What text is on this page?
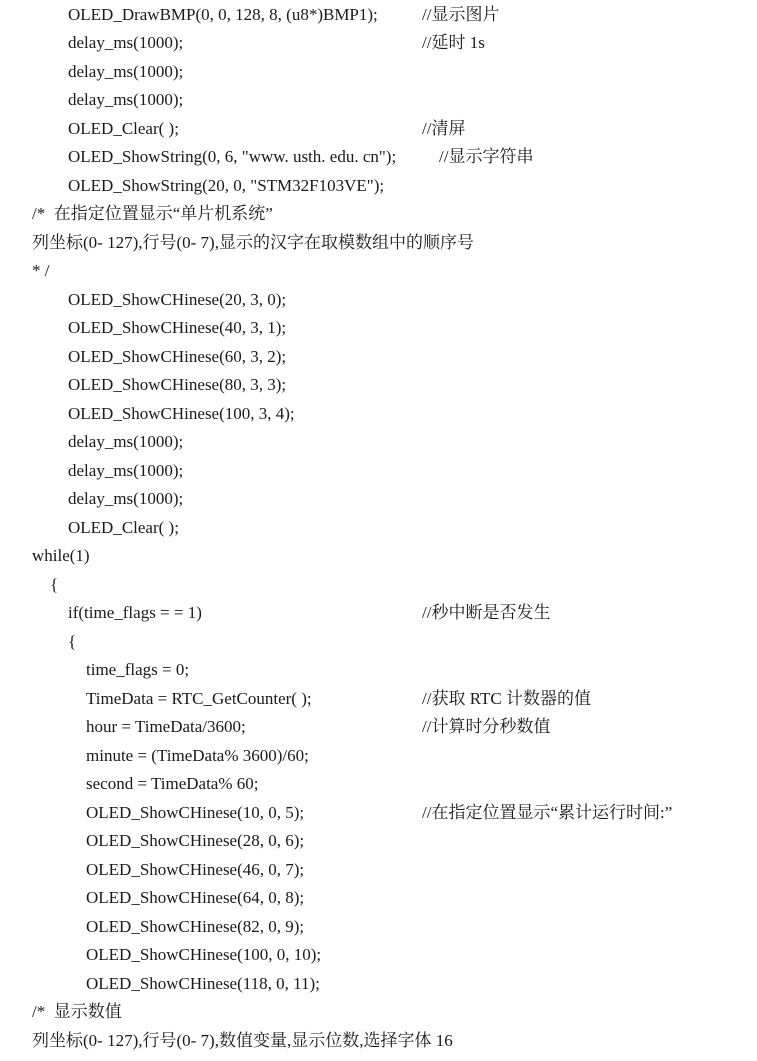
OLED_DrawBMP(0, 0, 128, 8, (u8*)BMP1);	//显示图片
delay_ms(1000);	//延时 1s
delay_ms(1000);
delay_ms(1000);
OLED_Clear( );	//清屏
OLED_ShowString(0, 6, "www. usth. edu. cn");	//显示字符串
OLED_ShowString(20, 0, "STM32F103VE");
/*  在指定位置显示“单片机系统”
列坐标(0- 127),行号(0- 7),显示的汉字在取模数组中的顺序号
* /
OLED_ShowCHinese(20, 3, 0);
OLED_ShowCHinese(40, 3, 1);
OLED_ShowCHinese(60, 3, 2);
OLED_ShowCHinese(80, 3, 3);
OLED_ShowCHinese(100, 3, 4);
delay_ms(1000);
delay_ms(1000);
delay_ms(1000);
OLED_Clear( );
while(1)
{
if(time_flags = = 1)	//秒中断是否发生
{
time_flags = 0;
TimeData = RTC_GetCounter( );	//获取 RTC 计数器的值
hour = TimeData/3600;	//计算时分秒数值
minute = (TimeData% 3600)/60;
second = TimeData% 60;
OLED_ShowCHinese(10, 0, 5);	//在指定位置显示“累计运行时间:”
OLED_ShowCHinese(28, 0, 6);
OLED_ShowCHinese(46, 0, 7);
OLED_ShowCHinese(64, 0, 8);
OLED_ShowCHinese(82, 0, 9);
OLED_ShowCHinese(100, 0, 10);
OLED_ShowCHinese(118, 0, 11);
/*  显示数值
列坐标(0- 127),行号(0- 7),数值变量,显示位数,选择字体 16
